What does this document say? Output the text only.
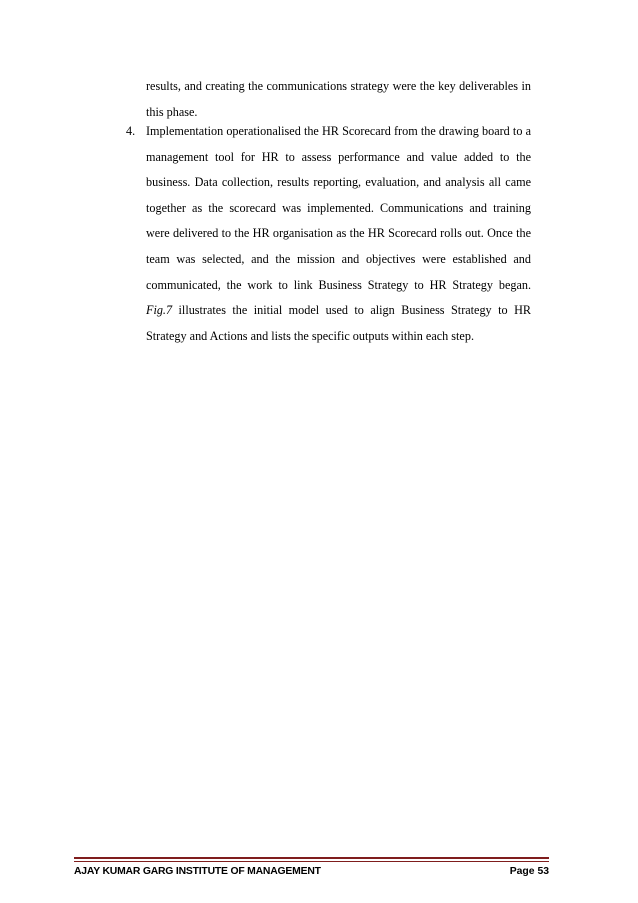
results, and creating the communications strategy were the key deliverables in this phase.
4. Implementation operationalised the HR Scorecard from the drawing board to a management tool for HR to assess performance and value added to the business. Data collection, results reporting, evaluation, and analysis all came together as the scorecard was implemented. Communications and training were delivered to the HR organisation as the HR Scorecard rolls out. Once the team was selected, and the mission and objectives were established and communicated, the work to link Business Strategy to HR Strategy began. Fig.7 illustrates the initial model used to align Business Strategy to HR Strategy and Actions and lists the specific outputs within each step.
AJAY KUMAR GARG INSTITUTE OF MANAGEMENT	Page 53
